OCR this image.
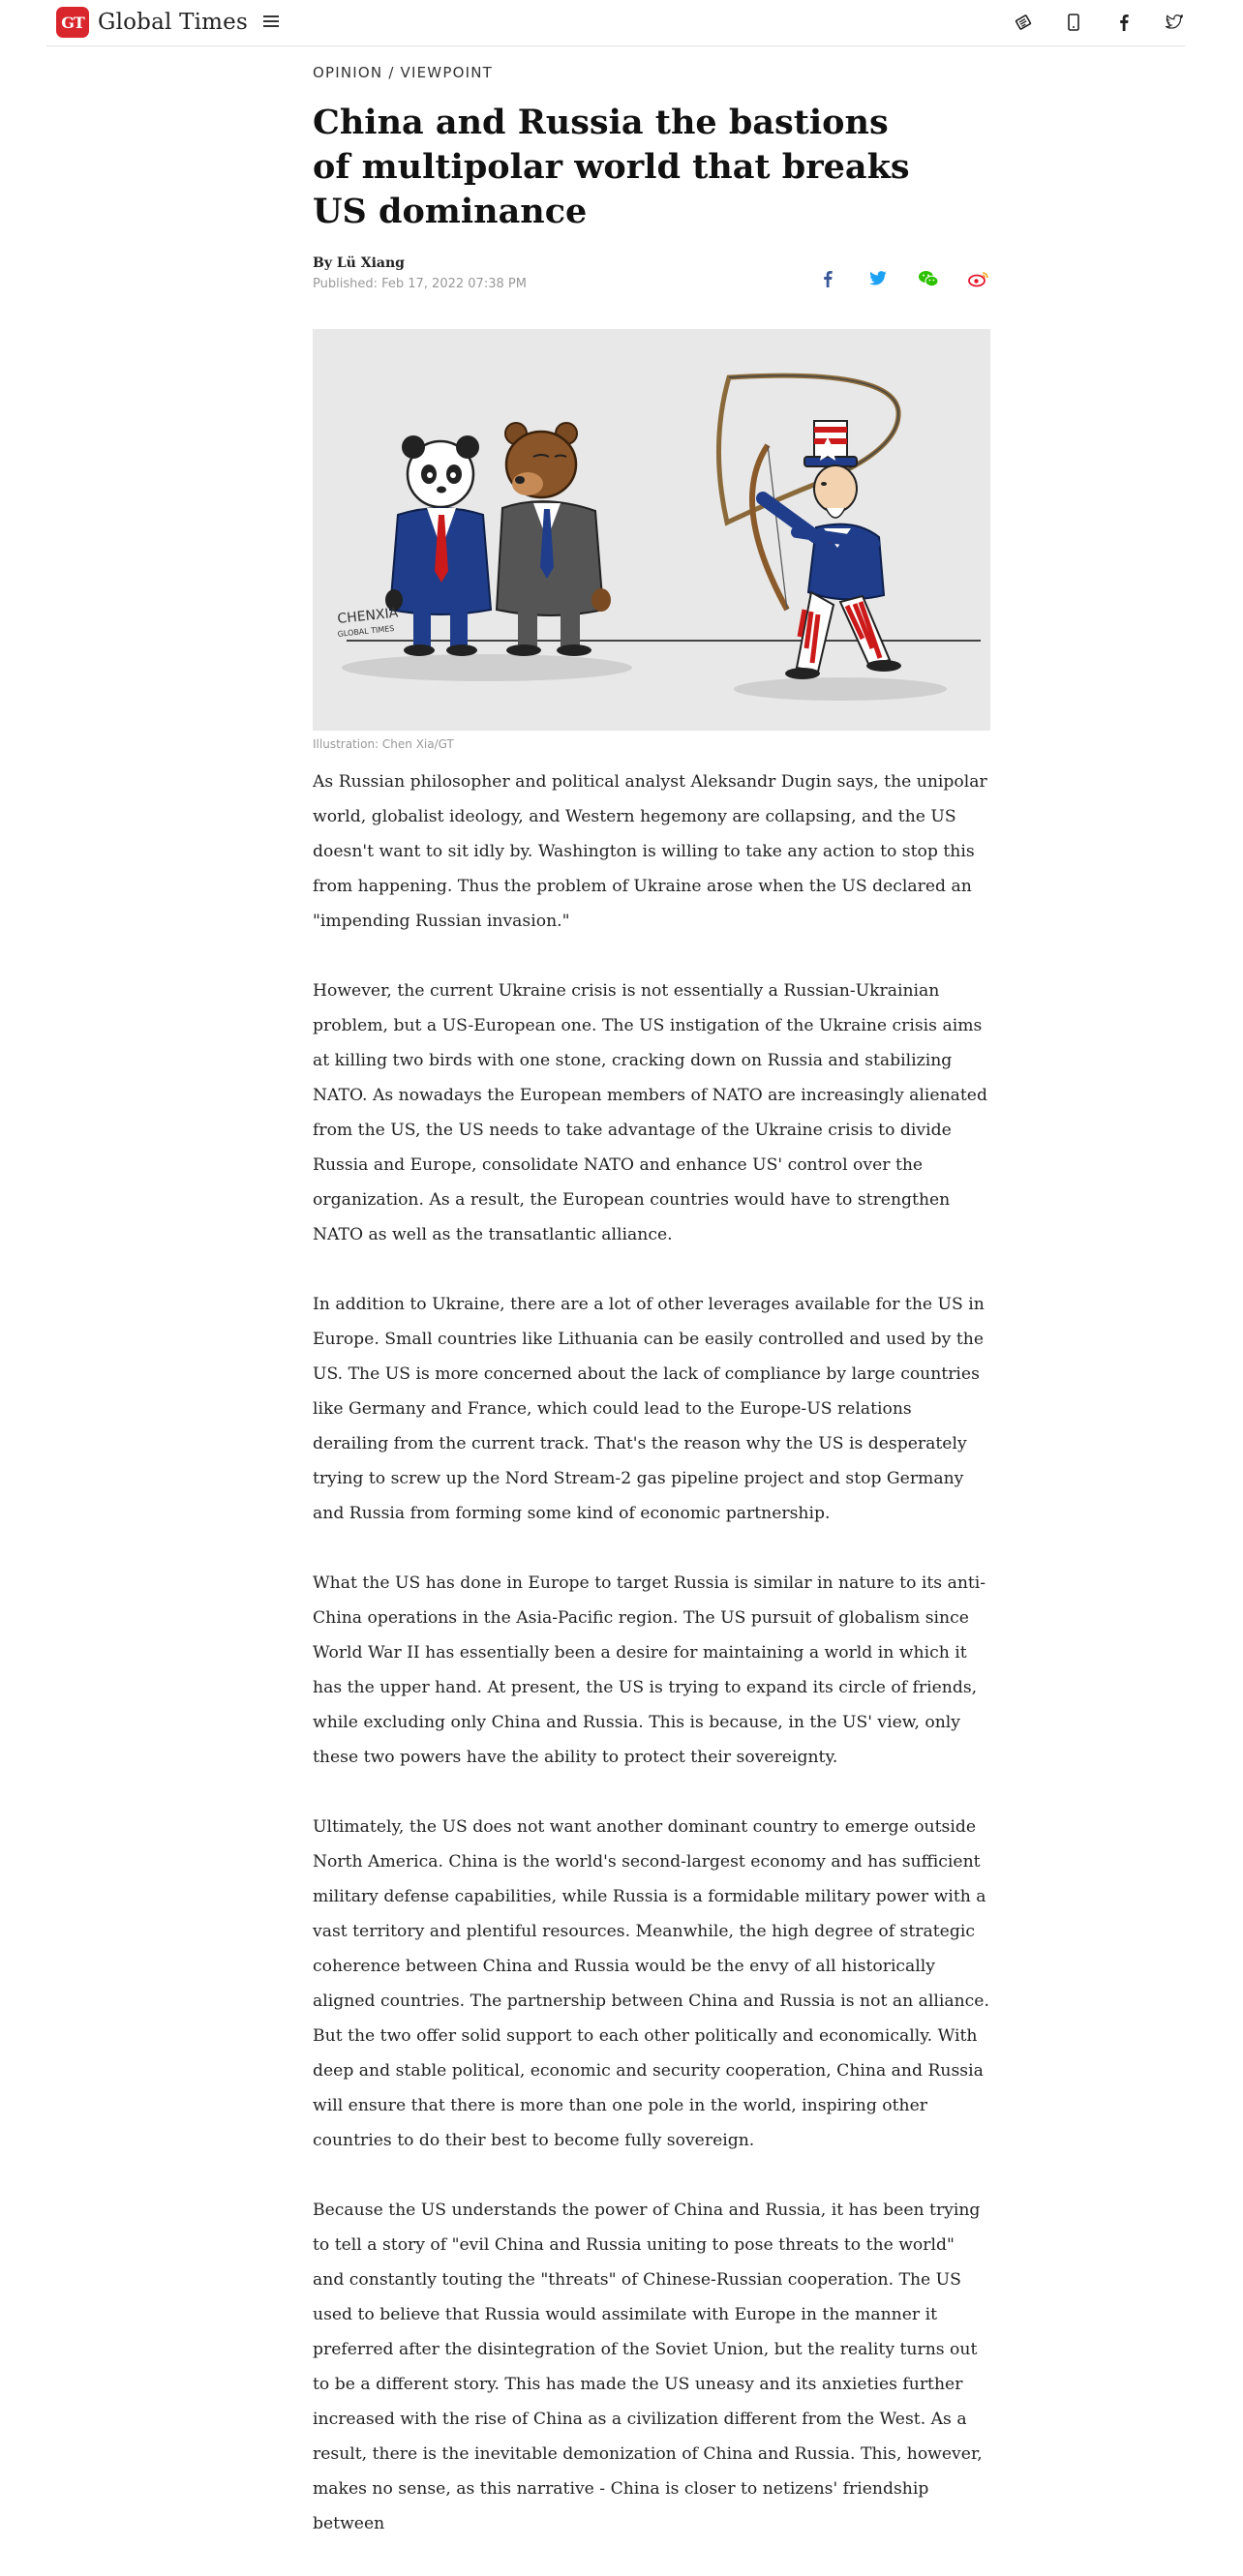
GT Global Times
OPINION / VIEWPOINT
China and Russia the bastions of multipolar world that breaks US dominance
By Lü Xiang
Published: Feb 17, 2022 07:38 PM
CHENXIA
GLOBAL TIMES
Illustration: Chen Xia/GT

As Russian philosopher and political analyst Aleksandr Dugin says, the unipolar world, globalist ideology, and Western hegemony are collapsing, and the US doesn't want to sit idly by. Washington is willing to take any action to stop this from happening. Thus the problem of Ukraine arose when the US declared an "impending Russian invasion."

However, the current Ukraine crisis is not essentially a Russian-Ukrainian problem, but a US-European one. The US instigation of the Ukraine crisis aims at killing two birds with one stone, cracking down on Russia and stabilizing NATO. As nowadays the European members of NATO are increasingly alienated from the US, the US needs to take advantage of the Ukraine crisis to divide Russia and Europe, consolidate NATO and enhance US' control over the organization. As a result, the European countries would have to strengthen NATO as well as the transatlantic alliance.

In addition to Ukraine, there are a lot of other leverages available for the US in Europe. Small countries like Lithuania can be easily controlled and used by the US. The US is more concerned about the lack of compliance by large countries like Germany and France, which could lead to the Europe-US relations derailing from the current track. That's the reason why the US is desperately trying to screw up the Nord Stream-2 gas pipeline project and stop Germany and Russia from forming some kind of economic partnership.

What the US has done in Europe to target Russia is similar in nature to its anti-China operations in the Asia-Pacific region. The US pursuit of globalism since World War II has essentially been a desire for maintaining a world in which it has the upper hand. At present, the US is trying to expand its circle of friends, while excluding only China and Russia. This is because, in the US' view, only these two powers have the ability to protect their sovereignty.

Ultimately, the US does not want another dominant country to emerge outside North America. China is the world's second-largest economy and has sufficient military defense capabilities, while Russia is a formidable military power with a vast territory and plentiful resources. Meanwhile, the high degree of strategic coherence between China and Russia would be the envy of all historically aligned countries. The partnership between China and Russia is not an alliance. But the two offer solid support to each other politically and economically. With deep and stable political, economic and security cooperation, China and Russia will ensure that there is more than one pole in the world, inspiring other countries to do their best to become fully sovereign.

Because the US understands the power of China and Russia, it has been trying to tell a story of "evil China and Russia uniting to pose threats to the world" and constantly touting the "threats" of Chinese-Russian cooperation. The US used to believe that Russia would assimilate with Europe in the manner it preferred after the disintegration of the Soviet Union, but the reality turns out to be a different story. This has made the US uneasy and its anxieties further increased with the rise of China as a civilization different from the West. As a result, there is the inevitable demonization of China and Russia. This, however, makes no sense, as this narrative - China is closer to netizens' friendship between
